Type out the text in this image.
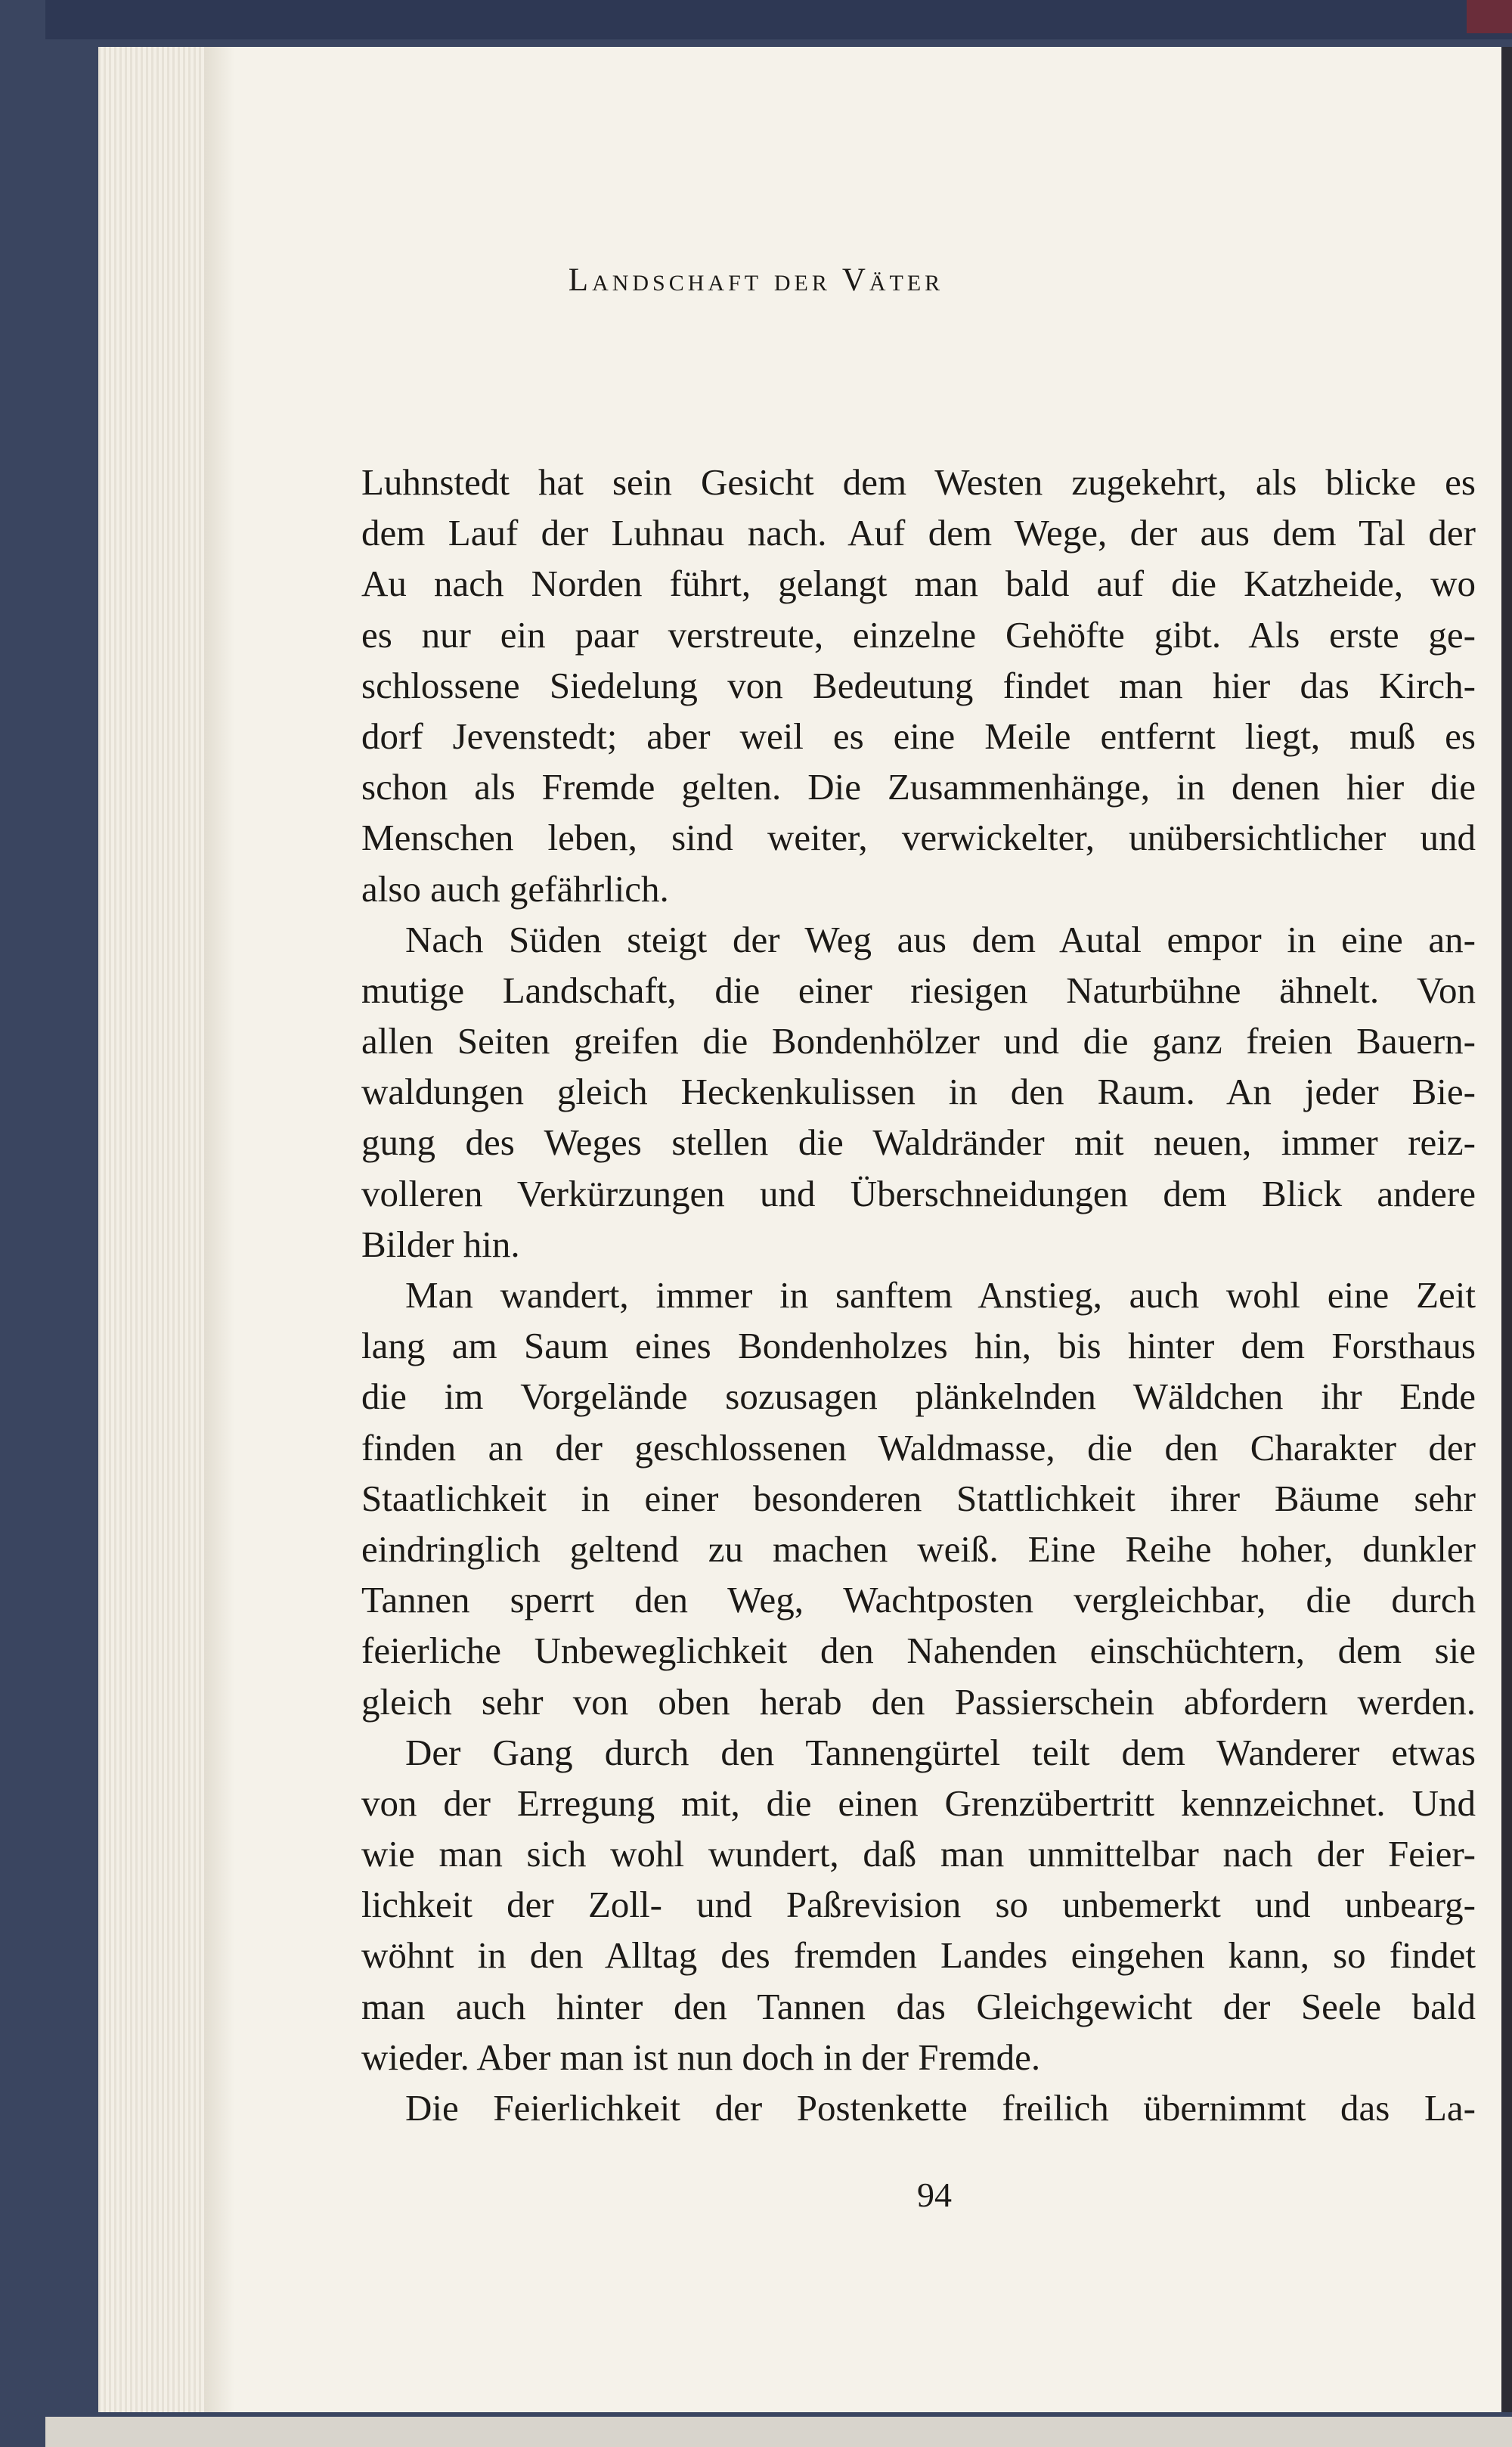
Landschaft der Väter
Luhnstedt hat sein Gesicht dem Westen zugekehrt, als blicke es
dem Lauf der Luhnau nach. Auf dem Wege, der aus dem Tal der
Au nach Norden führt, gelangt man bald auf die Katzheide, wo
es nur ein paar verstreute, einzelne Gehöfte gibt. Als erste ge-
schlossene Siedelung von Bedeutung findet man hier das Kirch-
dorf Jevenstedt; aber weil es eine Meile entfernt liegt, muß es
schon als Fremde gelten. Die Zusammenhänge, in denen hier die
Menschen leben, sind weiter, verwickelter, unübersichtlicher und
also auch gefährlich.
Nach Süden steigt der Weg aus dem Autal empor in eine an-
mutige Landschaft, die einer riesigen Naturbühne ähnelt. Von
allen Seiten greifen die Bondenhölzer und die ganz freien Bauern-
waldungen gleich Heckenkulissen in den Raum. An jeder Bie-
gung des Weges stellen die Waldränder mit neuen, immer reiz-
volleren Verkürzungen und Überschneidungen dem Blick andere
Bilder hin.
Man wandert, immer in sanftem Anstieg, auch wohl eine Zeit
lang am Saum eines Bondenholzes hin, bis hinter dem Forsthaus
die im Vorgelände sozusagen plänkelnden Wäldchen ihr Ende
finden an der geschlossenen Waldmasse, die den Charakter der
Staatlichkeit in einer besonderen Stattlichkeit ihrer Bäume sehr
eindringlich geltend zu machen weiß. Eine Reihe hoher, dunkler
Tannen sperrt den Weg, Wachtposten vergleichbar, die durch
feierliche Unbeweglichkeit den Nahenden einschüchtern, dem sie
gleich sehr von oben herab den Passierschein abfordern werden.
Der Gang durch den Tannengürtel teilt dem Wanderer etwas
von der Erregung mit, die einen Grenzübertritt kennzeichnet. Und
wie man sich wohl wundert, daß man unmittelbar nach der Feier-
lichkeit der Zoll- und Paßrevision so unbemerkt und unbearg-
wöhnt in den Alltag des fremden Landes eingehen kann, so findet
man auch hinter den Tannen das Gleichgewicht der Seele bald
wieder. Aber man ist nun doch in der Fremde.
Die Feierlichkeit der Postenkette freilich übernimmt das La-
94
